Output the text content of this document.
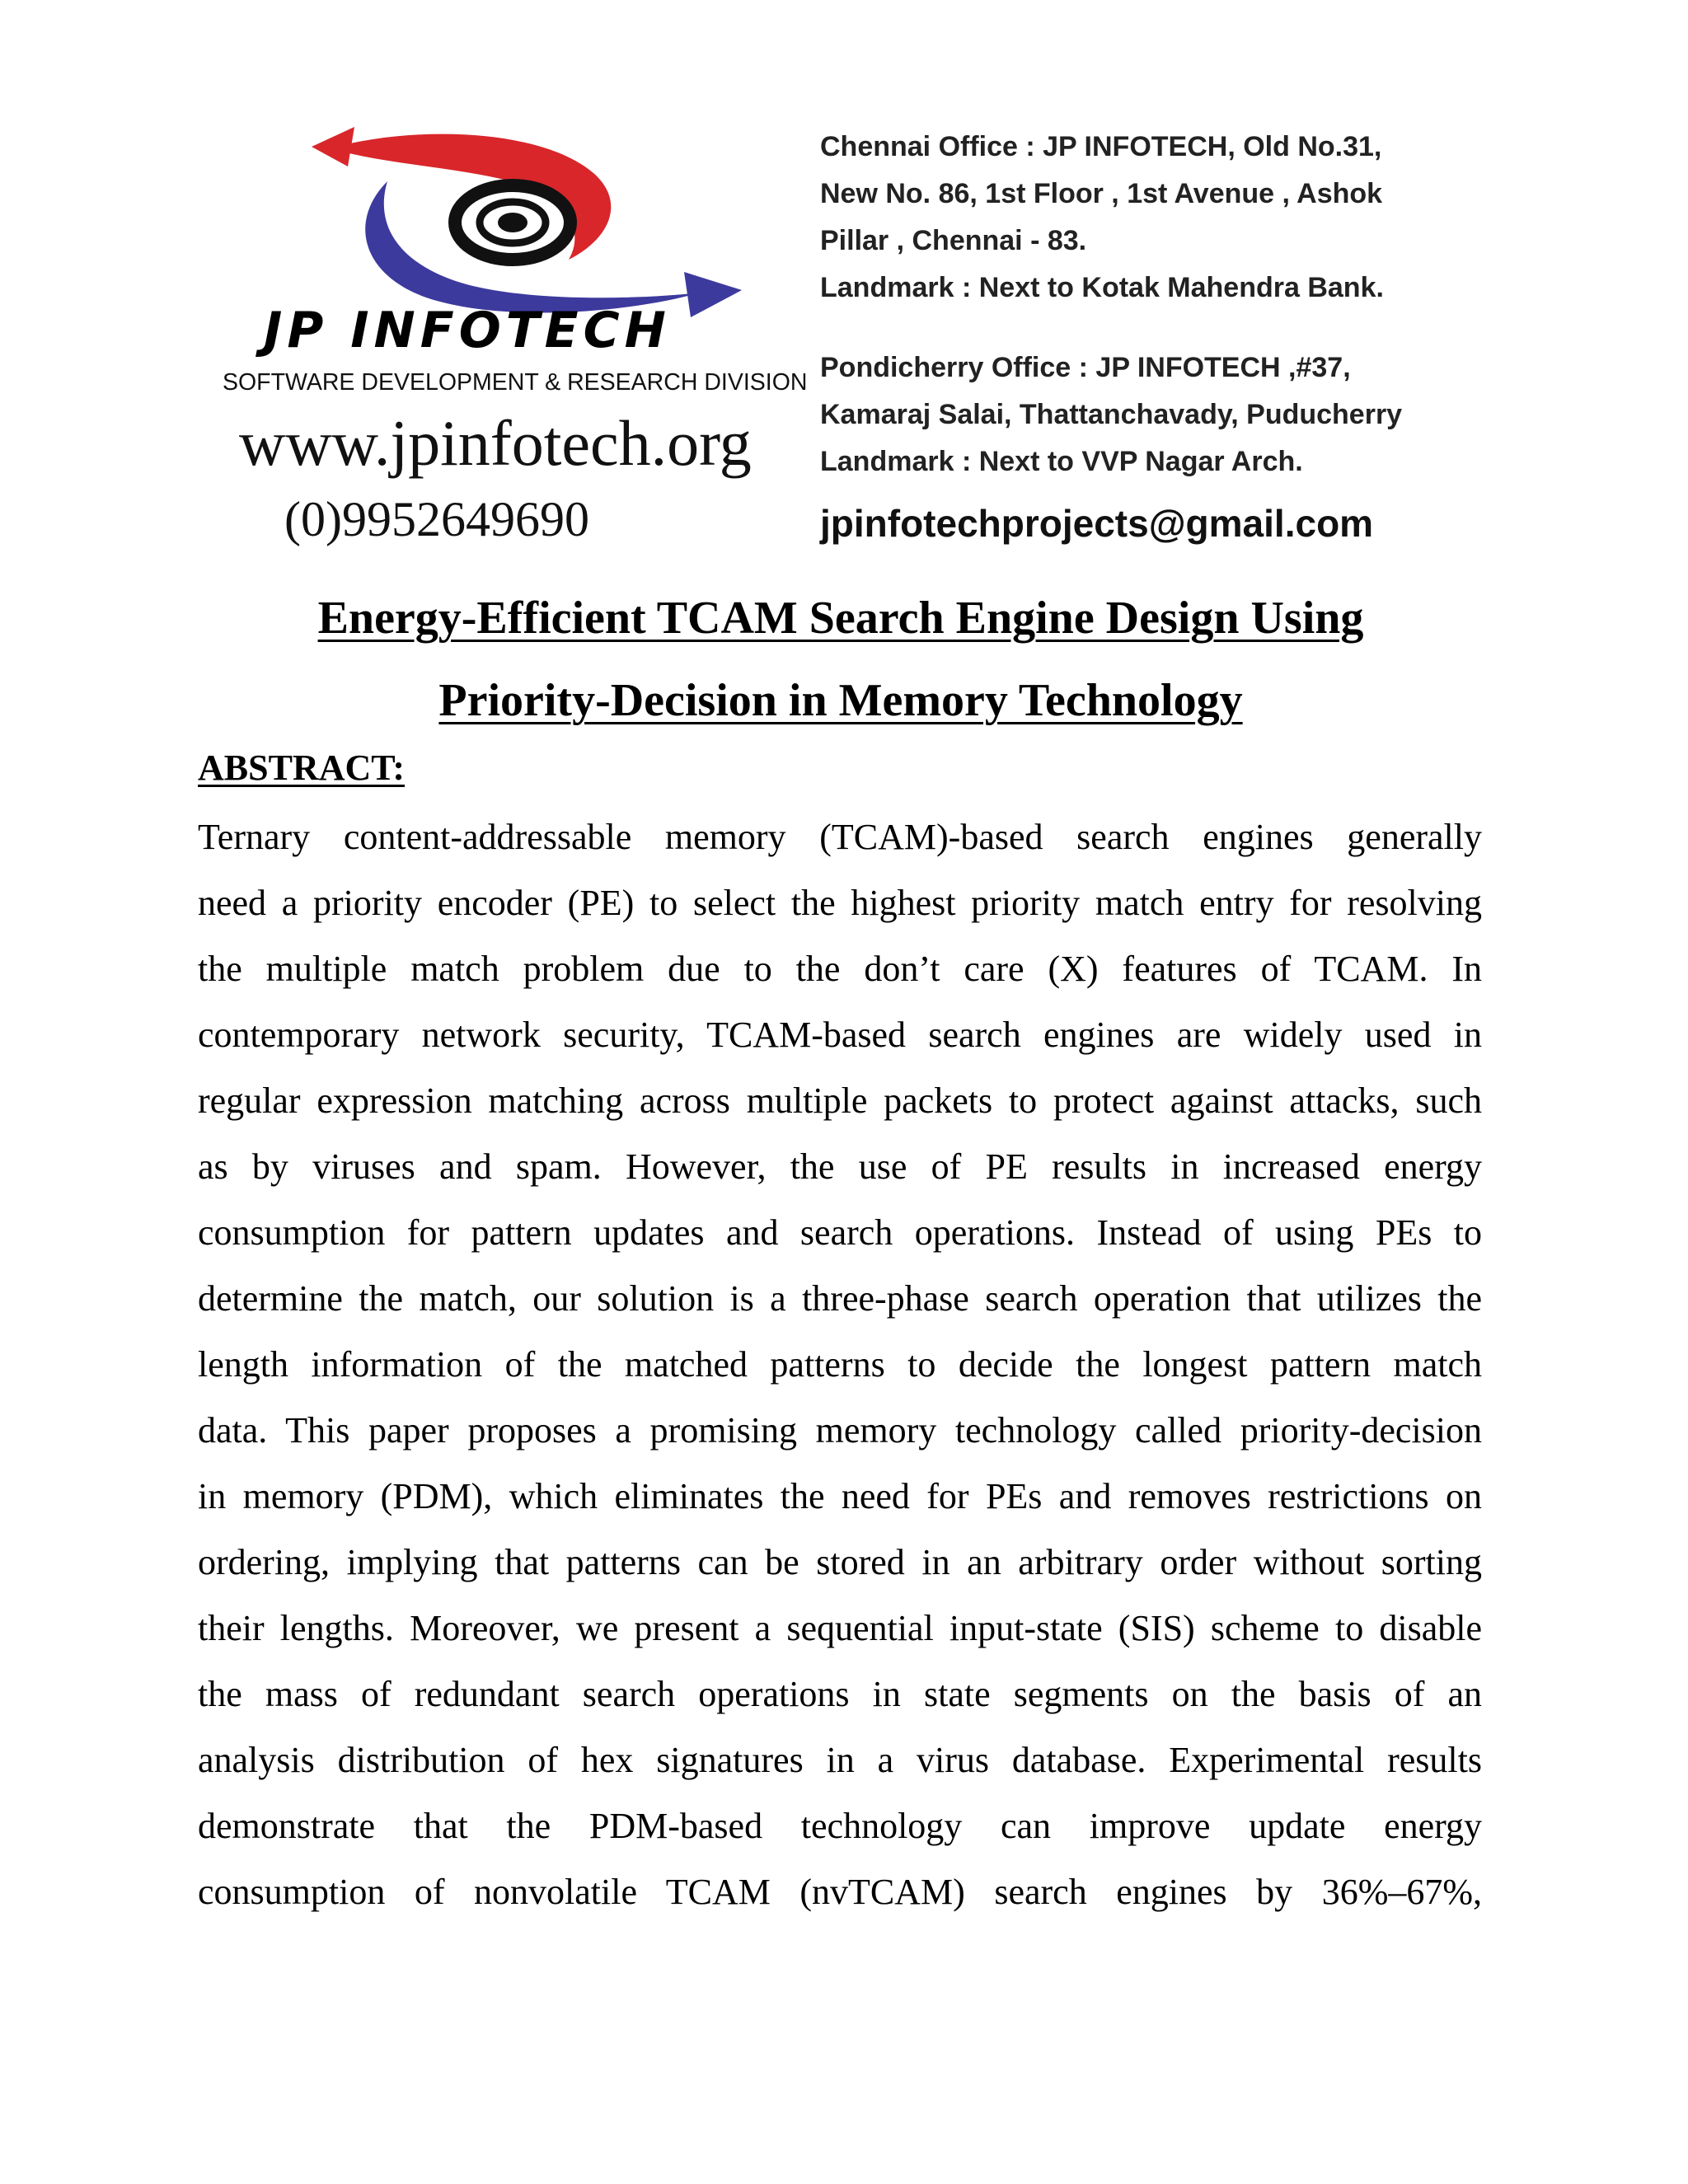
JP INFOTECH
SOFTWARE DEVELOPMENT & RESEARCH DIVISION
www.jpinfotech.org
(0)9952649690
Chennai Office : JP INFOTECH, Old No.31,
New No. 86, 1st Floor , 1st Avenue , Ashok
Pillar , Chennai - 83.
Landmark : Next to Kotak Mahendra Bank.
Pondicherry Office : JP INFOTECH ,#37,
Kamaraj Salai, Thattanchavady, Puducherry
Landmark : Next to VVP Nagar Arch.
jpinfotechprojects@gmail.com
Energy-Efficient TCAM Search Engine Design Using
Priority-Decision in Memory Technology
ABSTRACT:
Ternary content-addressable memory (TCAM)-based search engines generally
need a priority encoder (PE) to select the highest priority match entry for resolving
the multiple match problem due to the don’t care (X) features of TCAM. In
contemporary network security, TCAM-based search engines are widely used in
regular expression matching across multiple packets to protect against attacks, such
as by viruses and spam. However, the use of PE results in increased energy
consumption for pattern updates and search operations. Instead of using PEs to
determine the match, our solution is a three-phase search operation that utilizes the
length information of the matched patterns to decide the longest pattern match
data. This paper proposes a promising memory technology called priority-decision
in memory (PDM), which eliminates the need for PEs and removes restrictions on
ordering, implying that patterns can be stored in an arbitrary order without sorting
their lengths. Moreover, we present a sequential input-state (SIS) scheme to disable
the mass of redundant search operations in state segments on the basis of an
analysis distribution of hex signatures in a virus database. Experimental results
demonstrate that the PDM-based technology can improve update energy
consumption of nonvolatile TCAM (nvTCAM) search engines by 36%–67%,
